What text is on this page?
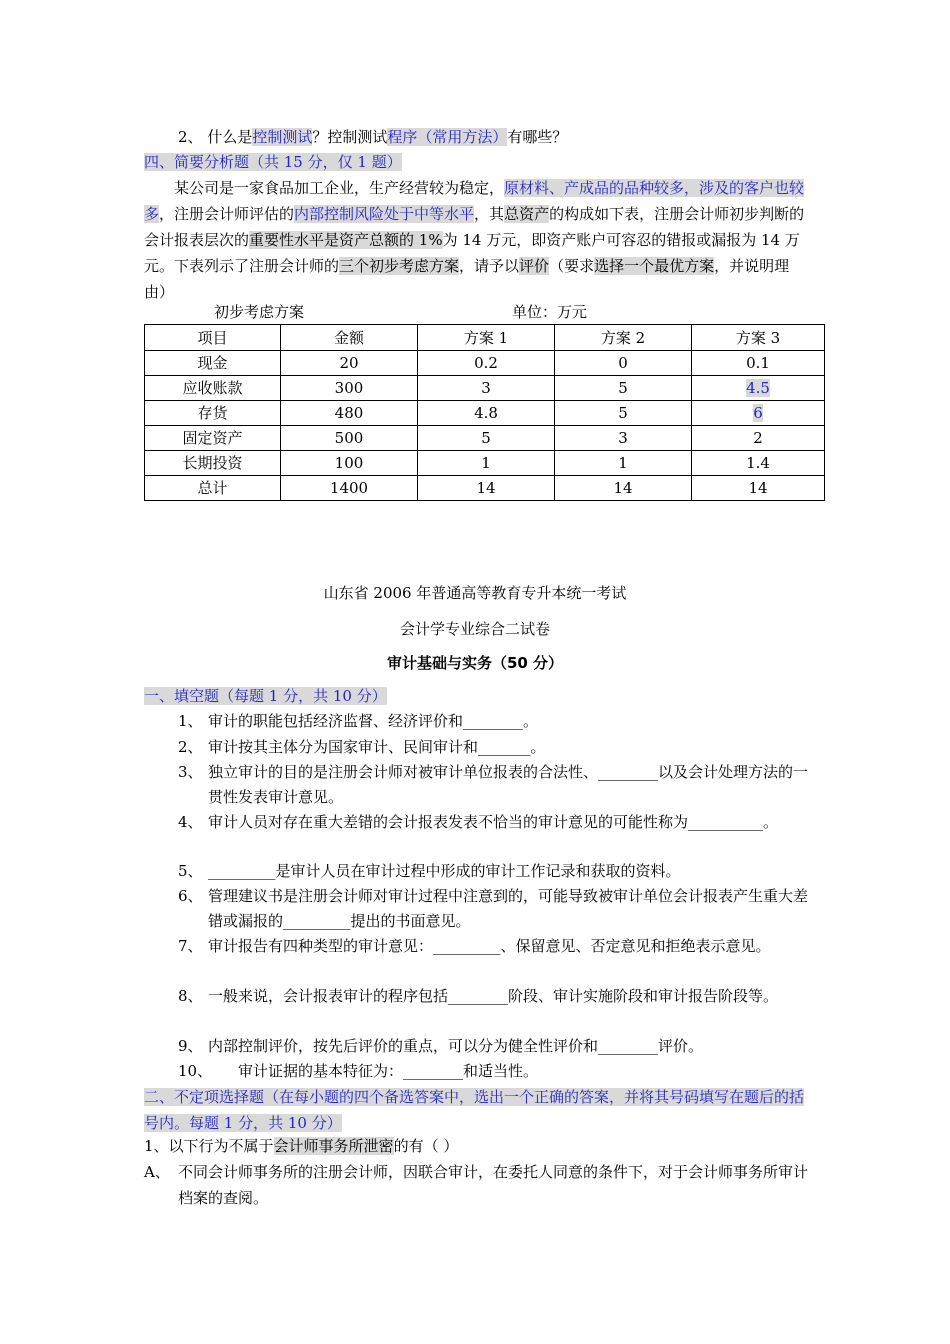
2、 什么是控制测试？控制测试程序（常用方法）有哪些？
四、简要分析题（共 15 分，仅 1 题）
某公司是一家食品加工企业，生产经营较为稳定，原材料、产成品的品种较多，涉及的客户也较多，注册会计师评估的内部控制风险处于中等水平，其总资产的构成如下表，注册会计师初步判断的会计报表层次的重要性水平是资产总额的 1%为 14 万元，即资产账户可容忍的错报或漏报为 14 万元。下表列示了注册会计师的三个初步考虑方案，请予以评价（要求选择一个最优方案，并说明理由）
初步考虑方案	单位：万元
项目	金额	方案 1	方案 2	方案 3
现金	20	0.2	0	0.1
应收账款	300	3	5	4.5
存货	480	4.8	5	6
固定资产	500	5	3	2
长期投资	100	1	1	1.4
总计	1400	14	14	14
山东省 2006 年普通高等教育专升本统一考试
会计学专业综合二试卷
审计基础与实务（50 分）
一、填空题（每题 1 分，共 10 分）
1、 审计的职能包括经济监督、经济评价和________。
2、 审计按其主体分为国家审计、民间审计和_______。
3、 独立审计的目的是注册会计师对被审计单位报表的合法性、________以及会计处理方法的一贯性发表审计意见。
4、 审计人员对存在重大差错的会计报表发表不恰当的审计意见的可能性称为__________。
5、 _________是审计人员在审计过程中形成的审计工作记录和获取的资料。
6、 管理建议书是注册会计师对审计过程中注意到的，可能导致被审计单位会计报表产生重大差错或漏报的_________提出的书面意见。
7、 审计报告有四种类型的审计意见：_________、保留意见、否定意见和拒绝表示意见。
8、 一般来说，会计报表审计的程序包括________阶段、审计实施阶段和审计报告阶段等。
9、 内部控制评价，按先后评价的重点，可以分为健全性评价和________评价。
10、 审计证据的基本特征为：________和适当性。
二、不定项选择题（在每小题的四个备选答案中，选出一个正确的答案，并将其号码填写在题后的括号内。每题 1 分，共 10 分）
1、以下行为不属于会计师事务所泄密的有（ ）
A、 不同会计师事务所的注册会计师，因联合审计，在委托人同意的条件下，对于会计师事务所审计档案的查阅。
